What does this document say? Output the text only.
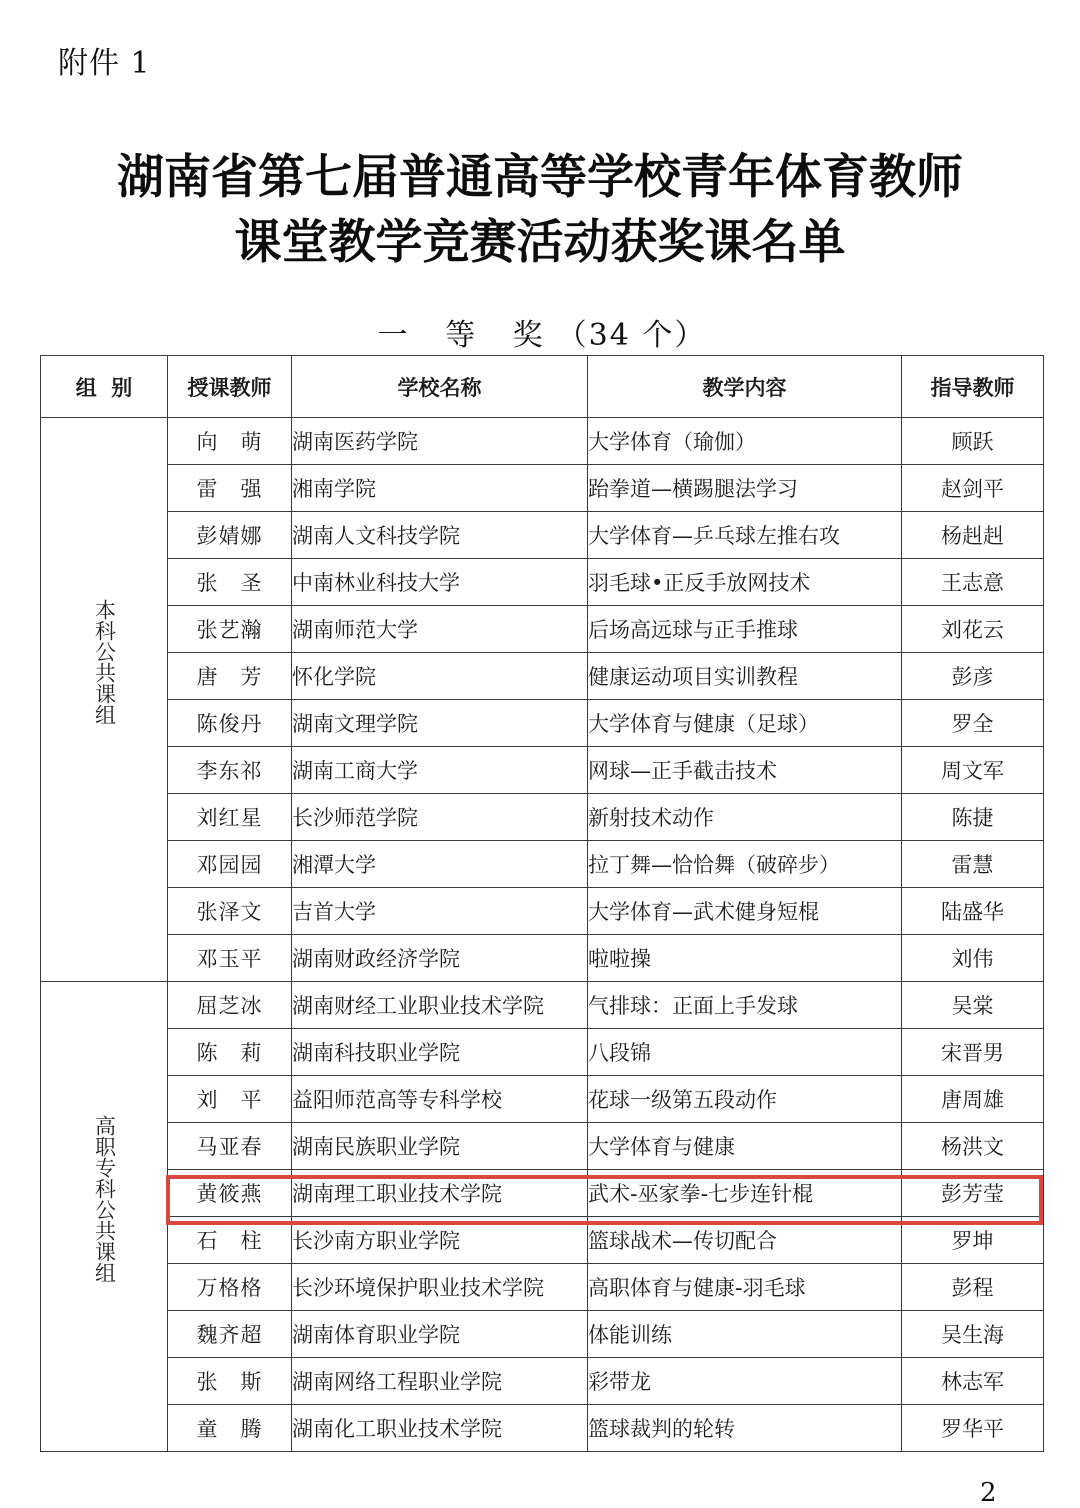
附件 1
湖南省第七届普通高等学校青年体育教师
课堂教学竞赛活动获奖课名单
一 等 奖（34 个）
组  别	授课教师	学校名称	教学内容	指导教师
本科公共课组	向　萌	湖南医药学院	大学体育（瑜伽）	顾跃
	雷　强	湘南学院	跆拳道—横踢腿法学习	赵剑平
	彭婧娜	湖南人文科技学院	大学体育—乒乓球左推右攻	杨赳赳
	张　圣	中南林业科技大学	羽毛球•正反手放网技术	王志意
	张艺瀚	湖南师范大学	后场高远球与正手推球	刘花云
	唐　芳	怀化学院	健康运动项目实训教程	彭彦
	陈俊丹	湖南文理学院	大学体育与健康（足球）	罗全
	李东祁	湖南工商大学	网球—正手截击技术	周文军
	刘红星	长沙师范学院	新射技术动作	陈捷
	邓园园	湘潭大学	拉丁舞—恰恰舞（破碎步）	雷慧
	张泽文	吉首大学	大学体育—武术健身短棍	陆盛华
	邓玉平	湖南财政经济学院	啦啦操	刘伟
高职专科公共课组	屈芝冰	湖南财经工业职业技术学院	气排球：正面上手发球	吴棠
	陈　莉	湖南科技职业学院	八段锦	宋晋男
	刘　平	益阳师范高等专科学校	花球一级第五段动作	唐周雄
	马亚春	湖南民族职业学院	大学体育与健康	杨洪文
	黄筱燕	湖南理工职业技术学院	武术-巫家拳-七步连针棍	彭芳莹
	石　柱	长沙南方职业学院	篮球战术—传切配合	罗坤
	万格格	长沙环境保护职业技术学院	高职体育与健康-羽毛球	彭程
	魏齐超	湖南体育职业学院	体能训练	吴生海
	张　斯	湖南网络工程职业学院	彩带龙	林志军
	童　腾	湖南化工职业技术学院	篮球裁判的轮转	罗华平
2
